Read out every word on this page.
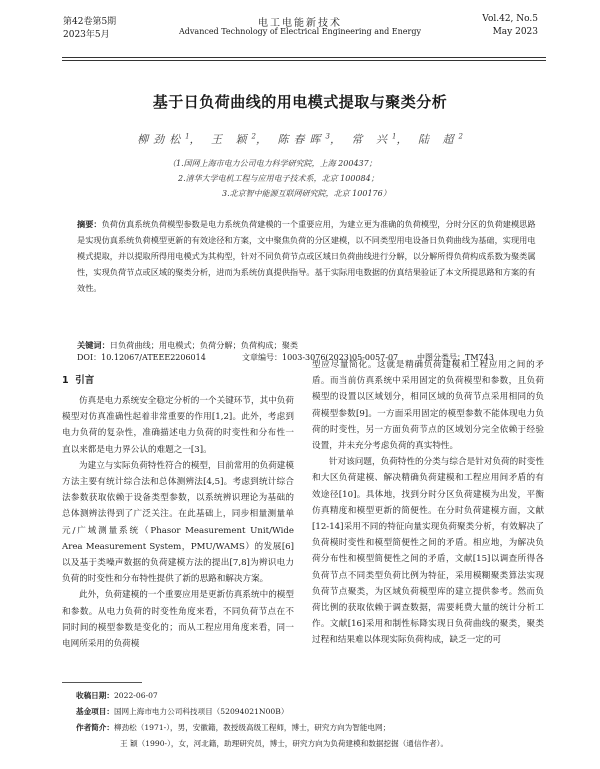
第42卷第5期
2023年5月
电工电能新技术
Advanced Technology of Electrical Engineering and Energy
Vol.42, No.5
May 2023
基于日负荷曲线的用电模式提取与聚类分析
柳劲松$^1$， 王 颖$^2$， 陈春晖$^3$， 常 兴$^1$， 陆 超$^2$
（1.国网上海市电力公司电力科学研究院，上海 200437；
2.清华大学电机工程与应用电子技术系，北京 100084；
3.北京智中能源互联网研究院，北京 100176）
摘要：负荷仿真系统负荷模型参数是电力系统负荷建模的一个重要应用，为建立更为准确的负荷模型，分时分区的负荷建模思路是实现仿真系统负荷模型更新的有效途径和方案，文中聚焦负荷的分区建模，以不同类型用电设备日负荷曲线为基础，实现用电模式提取，并以提取所得用电模式为其构型，针对不同负荷节点或区域日负荷曲线进行分解，以分解所得负荷构成系数为聚类属性，实现负荷节点或区域的聚类分析，进而为系统仿真提供指导。基于实际用电数据的仿真结果验证了本文所提思路和方案的有效性。
关键词：日负荷曲线；用电模式；负荷分解；负荷构成；聚类
DOI：10.12067/ATEEE2206014	文章编号：1003-3076(2023)05-0057-07 中图分类号：TM743
1 引言

仿真是电力系统安全稳定分析的一个关键环节，其中负荷模型对仿真准确性起着非常重要的作用[1,2]。此外，考虑到电力负荷的复杂性，准确描述电力负荷的时变性和分布性一直以来都是电力界公认的难题之一[3]。

为建立与实际负荷特性符合的模型，目前常用的负荷建模方法主要有统计综合法和总体测辨法[4,5]。考虑到统计综合法参数获取依赖于设备类型参数，以系统辨识理论为基础的总体测辨法得到了广泛关注。在此基础上，同步相量测量单元/广域测量系统（Phasor Measurement Unit/Wide Area Measurement System，PMU/WAMS）的发展[6]以及基于类噪声数据的负荷建模方法的提出[7,8]为辨识电力负荷的时变性和分布特性提供了新的思路和解决方案。

此外，负荷建模的一个重要应用是更新仿真系统中的模型和参数。从电力负荷的时变性角度来看，不同负荷节点在不同时间的模型参数是变化的；而从工程应用角度来看，同一电网所采用的负荷模

型应尽量简化。这就是精确负荷建模和工程应用之间的矛盾。而当前仿真系统中采用固定的负荷模型和参数，且负荷模型的设置以区域划分，相同区域的负荷节点采用相同的负荷模型参数[9]。一方面采用固定的模型参数不能体现电力负荷的时变性，另一方面负荷节点的区域划分完全依赖于经验设置，并未充分考虑负荷的真实特性。

针对该问题，负荷特性的分类与综合是针对负荷的时变性和大区负荷建模、解决精确负荷建模和工程应用间矛盾的有效途径[10]。具体地，找到分时分区负荷建模为出发，平衡仿真精度和模型更新的简便性。在分时负荷建模方面，文献[12-14]采用不同的特征向量实现负荷聚类分析，有效解决了负荷模时变性和模型简便性之间的矛盾。相应地，为解决负荷分布性和模型简便性之间的矛盾，文献[15]以调查所得各负荷节点不同类型负荷比例为特征，采用模糊聚类算法实现负荷节点聚类，为区域负荷模型库的建立提供参考。然而负荷比例的获取依赖于调查数据，需要耗费大量的统计分析工作。文献[16]采用和制性标降实现日负荷曲线的聚类，聚类过程和结果难以体现实际负荷构成，缺乏一定的可

收稿日期：2022-06-07
基金项目：国网上海市电力公司科技项目（52094021N00B）
作者简介：柳劲松（1971-），男，安徽籍，教授级高级工程师，博士，研究方向为智能电网；
王 颖（1990-），女，河北籍，助理研究员，博士，研究方向为负荷建模和数据挖掘（通信作者）。
